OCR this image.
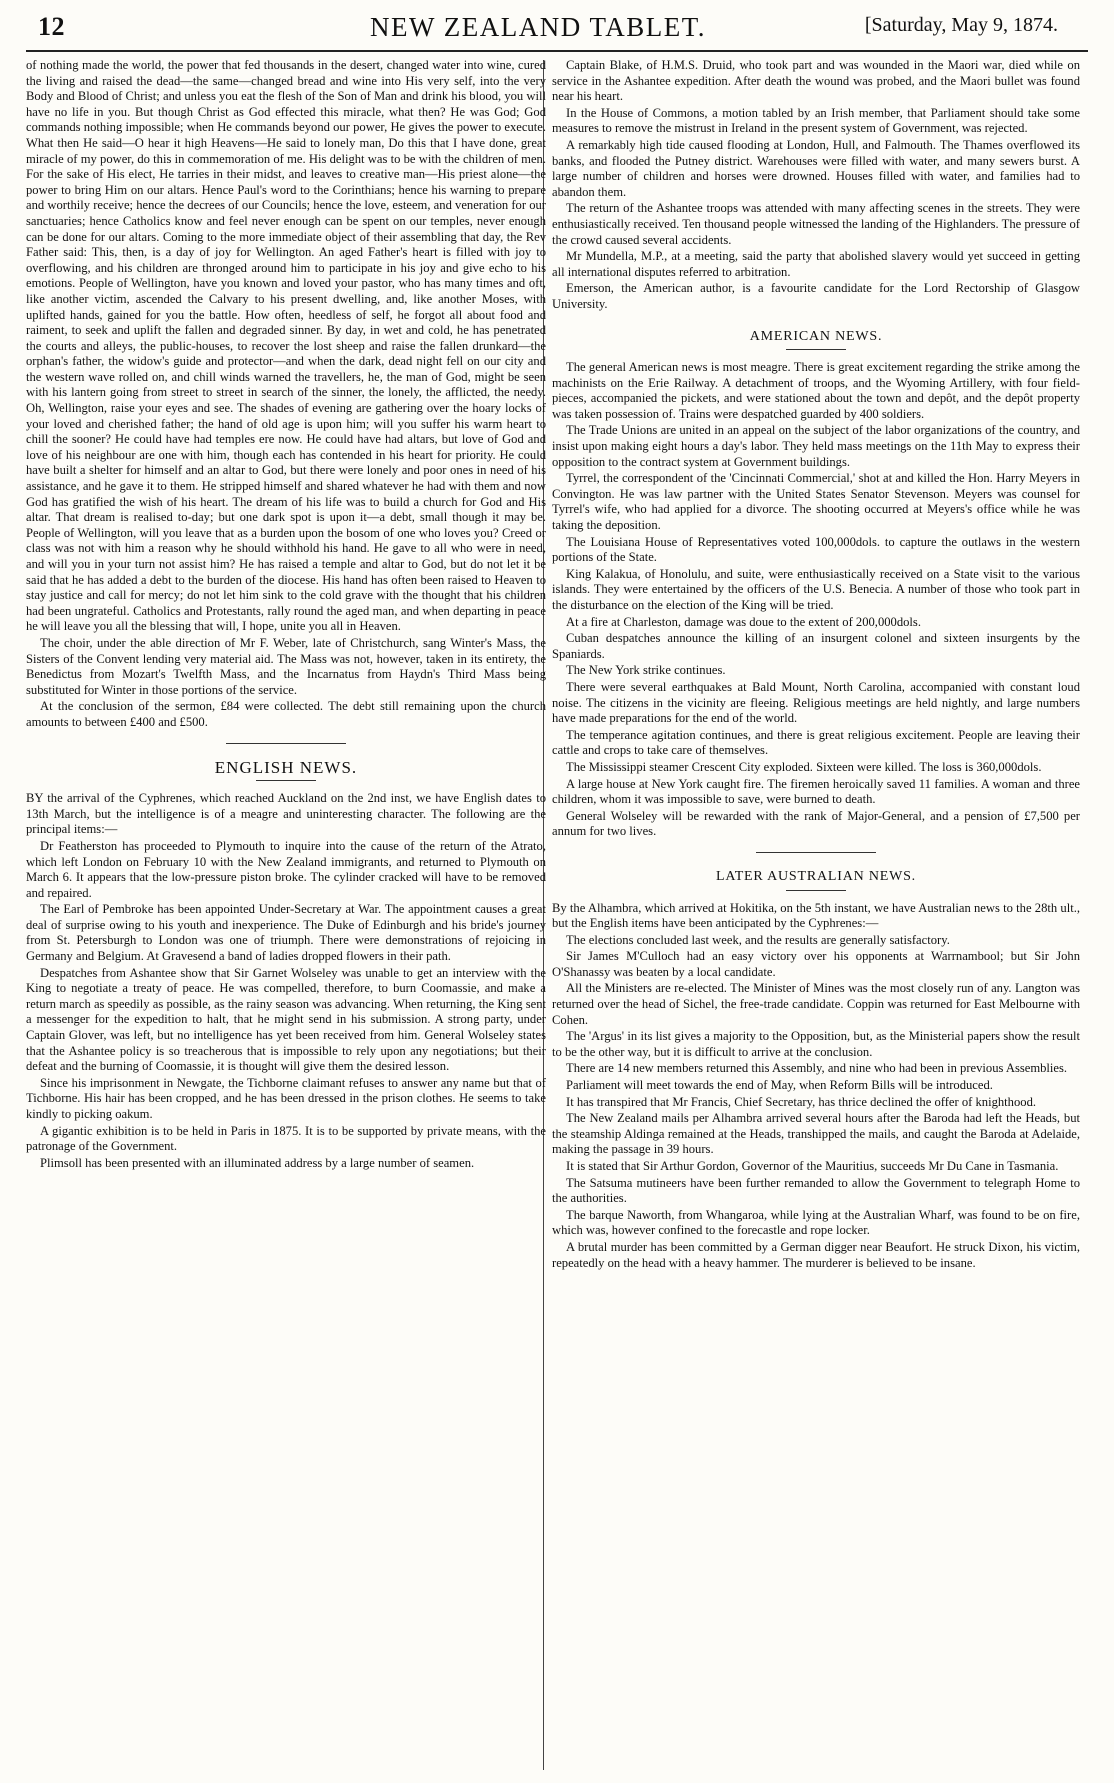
12	NEW ZEALAND TABLET.	[Saturday, May 9, 1874.

of nothing made the world, the power that fed thousands in the desert, changed water into wine, cured the living and raised the dead—the same—changed bread and wine into His very self, into the very Body and Blood of Christ; and unless you eat the flesh of the Son of Man and drink his blood, you will have no life in you. But though Christ as God effected this miracle, what then? He was God; God commands nothing impossible; when He commands beyond our power, He gives the power to execute. What then He said—O hear it high Heavens—He said to lonely man, Do this that I have done, great miracle of my power, do this in commemoration of me. His delight was to be with the children of men. For the sake of His elect, He tarries in their midst, and leaves to creative man—His priest alone—the power to bring Him on our altars. Hence Paul's word to the Corinthians; hence his warning to prepare and worthily receive; hence the decrees of our Councils; hence the love, esteem, and veneration for our sanctuaries; hence Catholics know and feel never enough can be spent on our temples, never enough can be done for our altars. Coming to the more immediate object of their assembling that day, the Rev Father said: This, then, is a day of joy for Wellington. An aged Father's heart is filled with joy to overflowing, and his children are thronged around him to participate in his joy and give echo to his emotions. People of Wellington, have you known and loved your pastor, who has many times and oft, like another victim, ascended the Calvary to his present dwelling, and, like another Moses, with uplifted hands, gained for you the battle. How often, heedless of self, he forgot all about food and raiment, to seek and uplift the fallen and degraded sinner. By day, in wet and cold, he has penetrated the courts and alleys, the public-houses, to recover the lost sheep and raise the fallen drunkard—the orphan's father, the widow's guide and protector—and when the dark, dead night fell on our city and the western wave rolled on, and chill winds warned the travellers, he, the man of God, might be seen with his lantern going from street to street in search of the sinner, the lonely, the afflicted, the needy. Oh, Wellington, raise your eyes and see. The shades of evening are gathering over the hoary locks of your loved and cherished father; the hand of old age is upon him; will you suffer his warm heart to chill the sooner? He could have had temples ere now. He could have had altars, but love of God and love of his neighbour are one with him, though each has contended in his heart for priority. He could have built a shelter for himself and an altar to God, but there were lonely and poor ones in need of his assistance, and he gave it to them. He stripped himself and shared whatever he had with them and now God has gratified the wish of his heart. The dream of his life was to build a church for God and His altar. That dream is realised to-day; but one dark spot is upon it—a debt, small though it may be. People of Wellington, will you leave that as a burden upon the bosom of one who loves you? Creed or class was not with him a reason why he should withhold his hand. He gave to all who were in need, and will you in your turn not assist him? He has raised a temple and altar to God, but do not let it be said that he has added a debt to the burden of the diocese. His hand has often been raised to Heaven to stay justice and call for mercy; do not let him sink to the cold grave with the thought that his children had been ungrateful. Catholics and Protestants, rally round the aged man, and when departing in peace he will leave you all the blessing that will, I hope, unite you all in Heaven.

The choir, under the able direction of Mr F. Weber, late of Christchurch, sang Winter's Mass, the Sisters of the Convent lending very material aid. The Mass was not, however, taken in its entirety, the Benedictus from Mozart's Twelfth Mass, and the Incarnatus from Haydn's Third Mass being substituted for Winter in those portions of the service.

At the conclusion of the sermon, £84 were collected. The debt still remaining upon the church amounts to between £400 and £500.

ENGLISH NEWS.

BY the arrival of the Cyphrenes, which reached Auckland on the 2nd inst, we have English dates to 13th March, but the intelligence is of a meagre and uninteresting character. The following are the principal items:—

Dr Featherston has proceeded to Plymouth to inquire into the cause of the return of the Atrato, which left London on February 10 with the New Zealand immigrants, and returned to Plymouth on March 6. It appears that the low-pressure piston broke. The cylinder cracked will have to be removed and repaired.

The Earl of Pembroke has been appointed Under-Secretary at War. The appointment causes a great deal of surprise owing to his youth and inexperience. The Duke of Edinburgh and his bride's journey from St. Petersburgh to London was one of triumph. There were demonstrations of rejoicing in Germany and Belgium. At Gravesend a band of ladies dropped flowers in their path.

Despatches from Ashantee show that Sir Garnet Wolseley was unable to get an interview with the King to negotiate a treaty of peace. He was compelled, therefore, to burn Coomassie, and make a return march as speedily as possible, as the rainy season was advancing. When returning, the King sent a messenger for the expedition to halt, that he might send in his submission. A strong party, under Captain Glover, was left, but no intelligence has yet been received from him. General Wolseley states that the Ashantee policy is so treacherous that is impossible to rely upon any negotiations; but their defeat and the burning of Coomassie, it is thought will give them the desired lesson.

Since his imprisonment in Newgate, the Tichborne claimant refuses to answer any name but that of Tichborne. His hair has been cropped, and he has been dressed in the prison clothes. He seems to take kindly to picking oakum.

A gigantic exhibition is to be held in Paris in 1875. It is to be supported by private means, with the patronage of the Government.

Plimsoll has been presented with an illuminated address by a large number of seamen.

Captain Blake, of H.M.S. Druid, who took part and was wounded in the Maori war, died while on service in the Ashantee expedition. After death the wound was probed, and the Maori bullet was found near his heart.

In the House of Commons, a motion tabled by an Irish member, that Parliament should take some measures to remove the mistrust in Ireland in the present system of Government, was rejected.

A remarkably high tide caused flooding at London, Hull, and Falmouth. The Thames overflowed its banks, and flooded the Putney district. Warehouses were filled with water, and many sewers burst. A large number of children and horses were drowned. Houses filled with water, and families had to abandon them.

The return of the Ashantee troops was attended with many affecting scenes in the streets. They were enthusiastically received. Ten thousand people witnessed the landing of the Highlanders. The pressure of the crowd caused several accidents.

Mr Mundella, M.P., at a meeting, said the party that abolished slavery would yet succeed in getting all international disputes referred to arbitration.

Emerson, the American author, is a favourite candidate for the Lord Rectorship of Glasgow University.

AMERICAN NEWS.

The general American news is most meagre. There is great excitement regarding the strike among the machinists on the Erie Railway. A detachment of troops, and the Wyoming Artillery, with four field-pieces, accompanied the pickets, and were stationed about the town and depôt, and the depôt property was taken possession of. Trains were despatched guarded by 400 soldiers.

The Trade Unions are united in an appeal on the subject of the labor organizations of the country, and insist upon making eight hours a day's labor. They held mass meetings on the 11th May to express their opposition to the contract system at Government buildings.

Tyrrel, the correspondent of the 'Cincinnati Commercial,' shot at and killed the Hon. Harry Meyers in Convington. He was law partner with the United States Senator Stevenson. Meyers was counsel for Tyrrel's wife, who had applied for a divorce. The shooting occurred at Meyers's office while he was taking the deposition.

The Louisiana House of Representatives voted 100,000dols. to capture the outlaws in the western portions of the State.

King Kalakua, of Honolulu, and suite, were enthusiastically received on a State visit to the various islands. They were entertained by the officers of the U.S. Benecia. A number of those who took part in the disturbance on the election of the King will be tried.

At a fire at Charleston, damage was doue to the extent of 200,000dols.

Cuban despatches announce the killing of an insurgent colonel and sixteen insurgents by the Spaniards.

The New York strike continues.

There were several earthquakes at Bald Mount, North Carolina, accompanied with constant loud noise. The citizens in the vicinity are fleeing. Religious meetings are held nightly, and large numbers have made preparations for the end of the world.

The temperance agitation continues, and there is great religious excitement. People are leaving their cattle and crops to take care of themselves.

The Mississippi steamer Crescent City exploded. Sixteen were killed. The loss is 360,000dols.

A large house at New York caught fire. The firemen heroically saved 11 families. A woman and three children, whom it was impossible to save, were burned to death.

General Wolseley will be rewarded with the rank of Major-General, and a pension of £7,500 per annum for two lives.

LATER AUSTRALIAN NEWS.

By the Alhambra, which arrived at Hokitika, on the 5th instant, we have Australian news to the 28th ult., but the English items have been anticipated by the Cyphrenes:—

The elections concluded last week, and the results are generally satisfactory.

Sir James M'Culloch had an easy victory over his opponents at Warrnambool; but Sir John O'Shanassy was beaten by a local candidate.

All the Ministers are re-elected. The Minister of Mines was the most closely run of any. Langton was returned over the head of Sichel, the free-trade candidate. Coppin was returned for East Melbourne with Cohen.

The 'Argus' in its list gives a majority to the Opposition, but, as the Ministerial papers show the result to be the other way, but it is difficult to arrive at the conclusion.

There are 14 new members returned this Assembly, and nine who had been in previous Assemblies.

Parliament will meet towards the end of May, when Reform Bills will be introduced.

It has transpired that Mr Francis, Chief Secretary, has thrice declined the offer of knighthood.

The New Zealand mails per Alhambra arrived several hours after the Baroda had left the Heads, but the steamship Aldinga remained at the Heads, transhipped the mails, and caught the Baroda at Adelaide, making the passage in 39 hours.

It is stated that Sir Arthur Gordon, Governor of the Mauritius, succeeds Mr Du Cane in Tasmania.

The Satsuma mutineers have been further remanded to allow the Government to telegraph Home to the authorities.

The barque Naworth, from Whangaroa, while lying at the Australian Wharf, was found to be on fire, which was, however confined to the forecastle and rope locker.

A brutal murder has been committed by a German digger near Beaufort. He struck Dixon, his victim, repeatedly on the head with a heavy hammer. The murderer is believed to be insane.
